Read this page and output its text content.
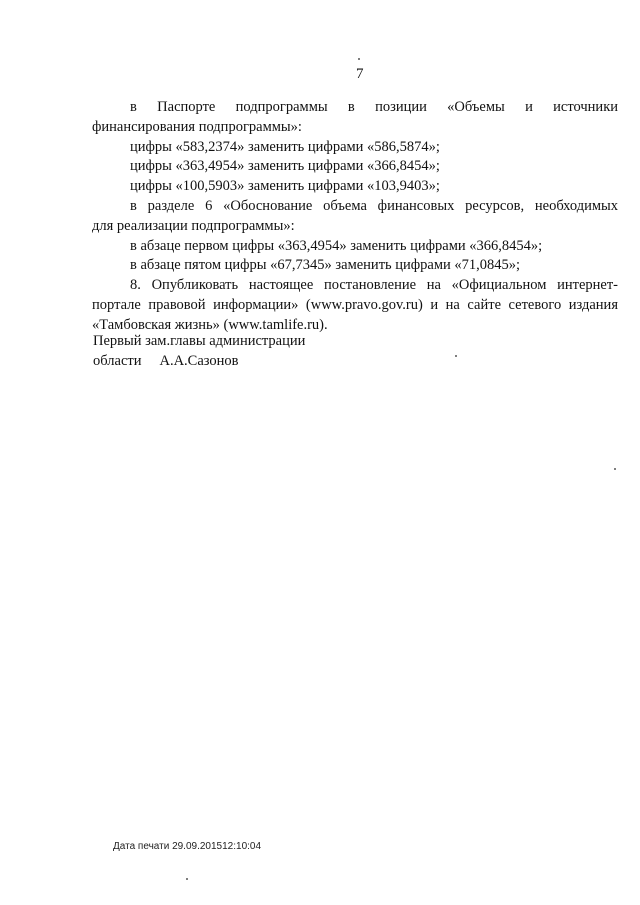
7

в Паспорте подпрограммы в позиции «Объемы и источники

финансирования подпрограммы»:

цифры «583,2374» заменить цифрами «586,5874»;

цифры «363,4954» заменить цифрами «366,8454»;

цифры «100,5903» заменить цифрами «103,9403»;

в разделе 6 «Обоснование объема финансовых ресурсов, необходимых

для реализации подпрограммы»:

в абзаце первом цифры «363,4954» заменить цифрами «366,8454»;

в абзаце пятом цифры «67,7345» заменить цифрами «71,0845»;

8. Опубликовать настоящее постановление на «Официальном интернет-

портале правовой информации» (www.pravo.gov.ru) и на сайте сетевого издания

«Тамбовская жизнь» (www.tamlife.ru).

Первый зам.главы администрации

области А.А.Сазонов

Дата печати 29.09.201512:10:04
